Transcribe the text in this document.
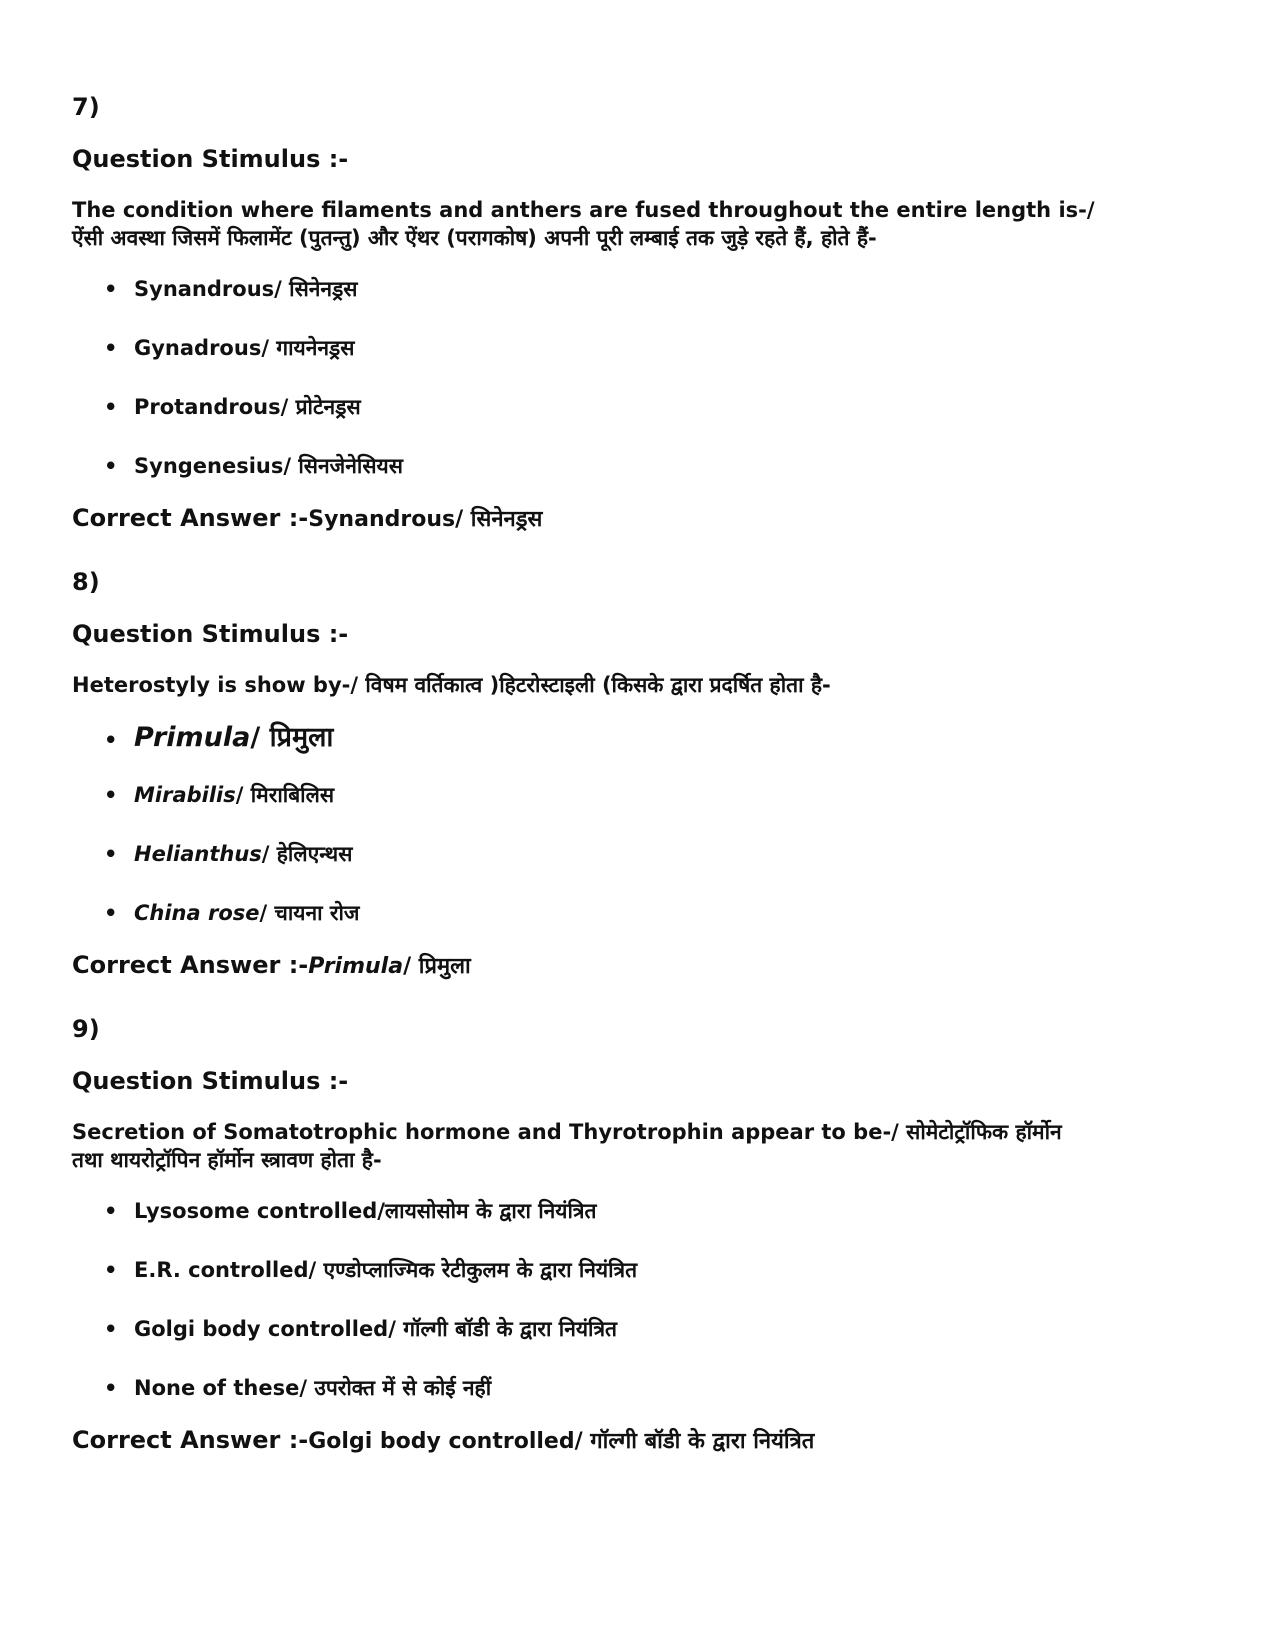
7)
Question Stimulus :-
The condition where filaments and anthers are fused throughout the entire length is-/
ऐंसी अवस्था जिसमें फिलामेंट (पुतन्तु) और ऐंथर (परागकोष) अपनी पूरी लम्बाई तक जुड़े रहते हैं, होते हैं-
• Synandrous/ सिनेनड्रस
• Gynadrous/ गायनेनड्रस
• Protandrous/ प्रोटेनड्रस
• Syngenesius/ सिनजेनेसियस
Correct Answer :-Synandrous/ सिनेनड्रस
8)
Question Stimulus :-
Heterostyly is show by-/ विषम वर्तिकात्व )हिटरोस्टाइली (किसके द्वारा प्रदर्षित होता है-
• Primula/ प्रिमुला
• Mirabilis/ मिराबिलिस
• Helianthus/ हेलिएन्थस
• China rose/ चायना रोज
Correct Answer :-Primula/ प्रिमुला
9)
Question Stimulus :-
Secretion of Somatotrophic hormone and Thyrotrophin appear to be-/ सोमेटोट्रॉफिक हॉर्मोन
तथा थायरोट्रॉपिन हॉर्मोन स्त्रावण होता है-
• Lysosome controlled/लायसोसोम के द्वारा नियंत्रित
• E.R. controlled/ एण्डोप्लाज्मिक रेटीकुलम के द्वारा नियंत्रित
• Golgi body controlled/ गॉल्गी बॉडी के द्वारा नियंत्रित
• None of these/ उपरोक्त में से कोई नहीं
Correct Answer :-Golgi body controlled/ गॉल्गी बॉडी के द्वारा नियंत्रित
